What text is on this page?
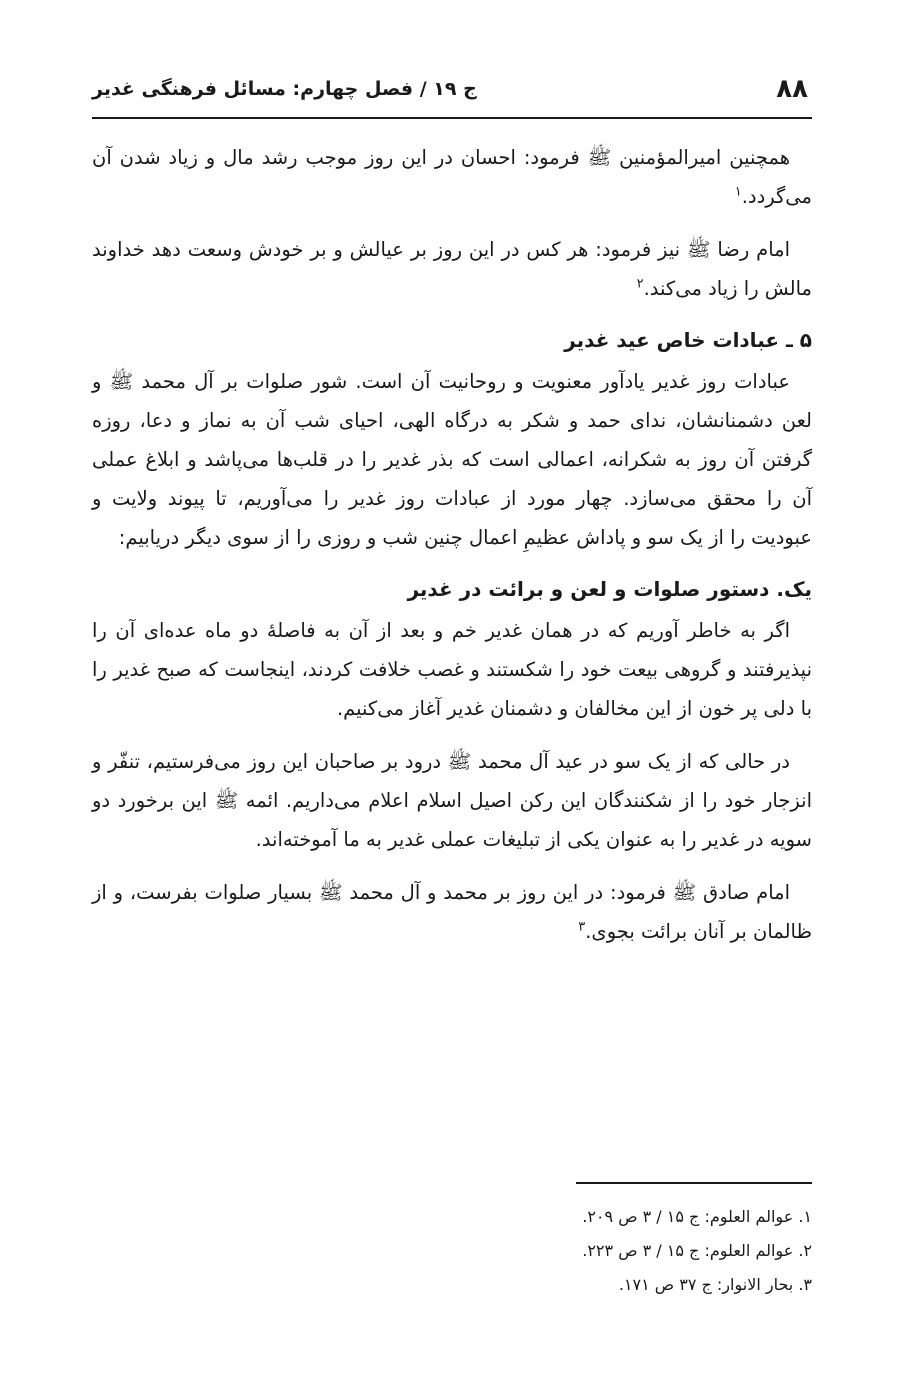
۸۸
ج ۱۹ / فصل چهارم: مسائل فرهنگی غدیر

همچنین امیرالمؤمنین ﷺ فرمود: احسان در این روز موجب رشد مال و زیاد شدن آن می‌گردد.$^۱$

امام رضا ﷺ نیز فرمود: هر کس در این روز بر عیالش و بر خودش وسعت دهد خداوند مالش را زیاد می‌کند.$^۲$

۵ ـ عبادات خاص عید غدیر

عبادات روز غدیر یادآور معنویت و روحانیت آن است. شور صلوات بر آل محمد ﷺ و لعن دشمنانشان، ندای حمد و شکر به درگاه الهی، احیای شب آن به نماز و دعا، روزه گرفتن آن روز به شکرانه، اعمالی است که بذر غدیر را در قلب‌ها می‌پاشد و ابلاغ عملی آن را محقق می‌سازد. چهار مورد از عبادات روز غدیر را می‌آوریم، تا پیوند ولایت و عبودیت را از یک سو و پاداش عظیمِ اعمال چنین شب و روزی را از سوی دیگر دریابیم:

یک. دستور صلوات و لعن و برائت در غدیر

اگر به خاطر آوریم که در همان غدیر خم و بعد از آن به فاصلهٔ دو ماه عده‌ای آن را نپذیرفتند و گروهی بیعت خود را شکستند و غصب خلافت کردند، اینجاست که صبح غدیر را با دلی پر خون از این مخالفان و دشمنان غدیر آغاز می‌کنیم.

در حالی که از یک سو در عید آل محمد ﷺ درود بر صاحبان این روز می‌فرستیم، تنفّر و انزجار خود را از شکنندگان این رکن اصیل اسلام اعلام می‌داریم. ائمه ﷺ این برخورد دو سویه در غدیر را به عنوان یکی از تبلیغات عملی غدیر به ما آموخته‌اند.

امام صادق ﷺ فرمود: در این روز بر محمد و آل محمد ﷺ بسیار صلوات بفرست، و از ظالمان بر آنان برائت بجوی.$^۳$

۱. عوالم العلوم: ج ۱۵ / ۳ ص ۲۰۹.
۲. عوالم العلوم: ج ۱۵ / ۳ ص ۲۲۳.
۳. بحار الانوار: ج ۳۷ ص ۱۷۱.
